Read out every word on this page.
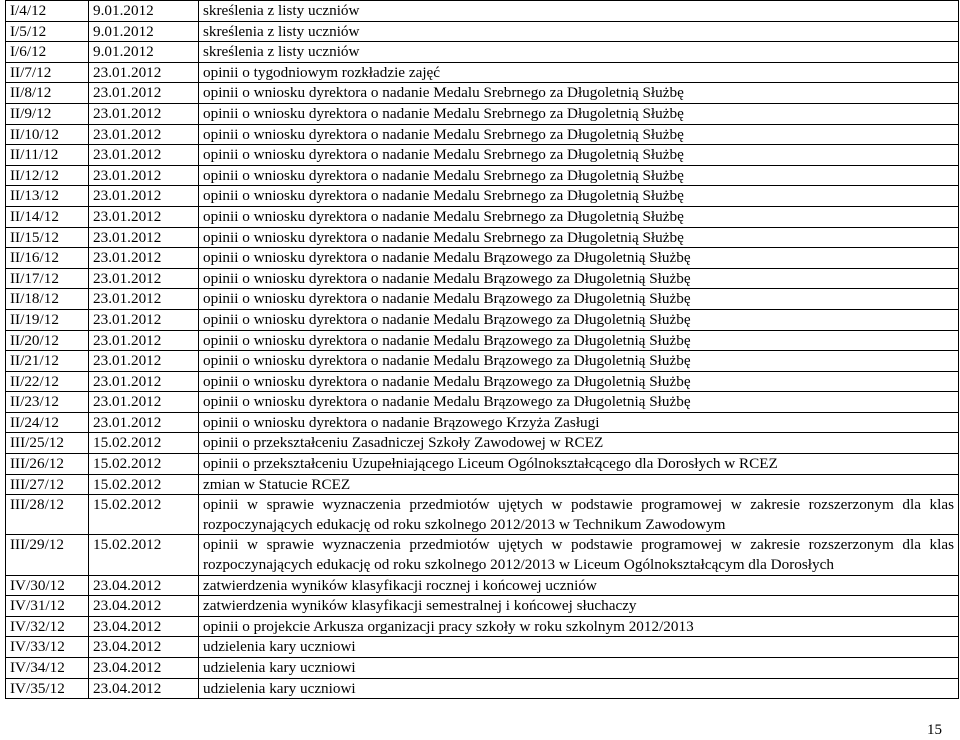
I/4/12	9.01.2012	skreślenia z listy uczniów
I/5/12	9.01.2012	skreślenia z listy uczniów
I/6/12	9.01.2012	skreślenia z listy uczniów
II/7/12	23.01.2012	opinii o tygodniowym rozkładzie zajęć
II/8/12	23.01.2012	opinii o wniosku dyrektora o nadanie Medalu Srebrnego za Długoletnią Służbę
II/9/12	23.01.2012	opinii o wniosku dyrektora o nadanie Medalu Srebrnego za Długoletnią Służbę
II/10/12	23.01.2012	opinii o wniosku dyrektora o nadanie Medalu Srebrnego za Długoletnią Służbę
II/11/12	23.01.2012	opinii o wniosku dyrektora o nadanie Medalu Srebrnego za Długoletnią Służbę
II/12/12	23.01.2012	opinii o wniosku dyrektora o nadanie Medalu Srebrnego za Długoletnią Służbę
II/13/12	23.01.2012	opinii o wniosku dyrektora o nadanie Medalu Srebrnego za Długoletnią Służbę
II/14/12	23.01.2012	opinii o wniosku dyrektora o nadanie Medalu Srebrnego za Długoletnią Służbę
II/15/12	23.01.2012	opinii o wniosku dyrektora o nadanie Medalu Srebrnego za Długoletnią Służbę
II/16/12	23.01.2012	opinii o wniosku dyrektora o nadanie Medalu Brązowego za Długoletnią Służbę
II/17/12	23.01.2012	opinii o wniosku dyrektora o nadanie Medalu Brązowego za Długoletnią Służbę
II/18/12	23.01.2012	opinii o wniosku dyrektora o nadanie Medalu Brązowego za Długoletnią Służbę
II/19/12	23.01.2012	opinii o wniosku dyrektora o nadanie Medalu Brązowego za Długoletnią Służbę
II/20/12	23.01.2012	opinii o wniosku dyrektora o nadanie Medalu Brązowego za Długoletnią Służbę
II/21/12	23.01.2012	opinii o wniosku dyrektora o nadanie Medalu Brązowego za Długoletnią Służbę
II/22/12	23.01.2012	opinii o wniosku dyrektora o nadanie Medalu Brązowego za Długoletnią Służbę
II/23/12	23.01.2012	opinii o wniosku dyrektora o nadanie Medalu Brązowego za Długoletnią Służbę
II/24/12	23.01.2012	opinii o wniosku dyrektora o nadanie Brązowego Krzyża Zasługi
III/25/12	15.02.2012	opinii o przekształceniu Zasadniczej Szkoły Zawodowej w RCEZ
III/26/12	15.02.2012	opinii o przekształceniu Uzupełniającego Liceum Ogólnokształcącego dla Dorosłych w RCEZ
III/27/12	15.02.2012	zmian w Statucie RCEZ
III/28/12	15.02.2012	opinii w sprawie wyznaczenia przedmiotów ujętych w podstawie programowej w zakresie rozszerzonym dla klas rozpoczynających edukację od roku szkolnego 2012/2013 w Technikum Zawodowym
III/29/12	15.02.2012	opinii w sprawie wyznaczenia przedmiotów ujętych w podstawie programowej w zakresie rozszerzonym dla klas rozpoczynających edukację od roku szkolnego 2012/2013 w Liceum Ogólnokształcącym dla Dorosłych
IV/30/12	23.04.2012	zatwierdzenia wyników klasyfikacji rocznej i końcowej uczniów
IV/31/12	23.04.2012	zatwierdzenia wyników klasyfikacji semestralnej i końcowej słuchaczy
IV/32/12	23.04.2012	opinii o projekcie Arkusza organizacji pracy szkoły w roku szkolnym 2012/2013
IV/33/12	23.04.2012	udzielenia kary uczniowi
IV/34/12	23.04.2012	udzielenia kary uczniowi
IV/35/12	23.04.2012	udzielenia kary uczniowi
15
